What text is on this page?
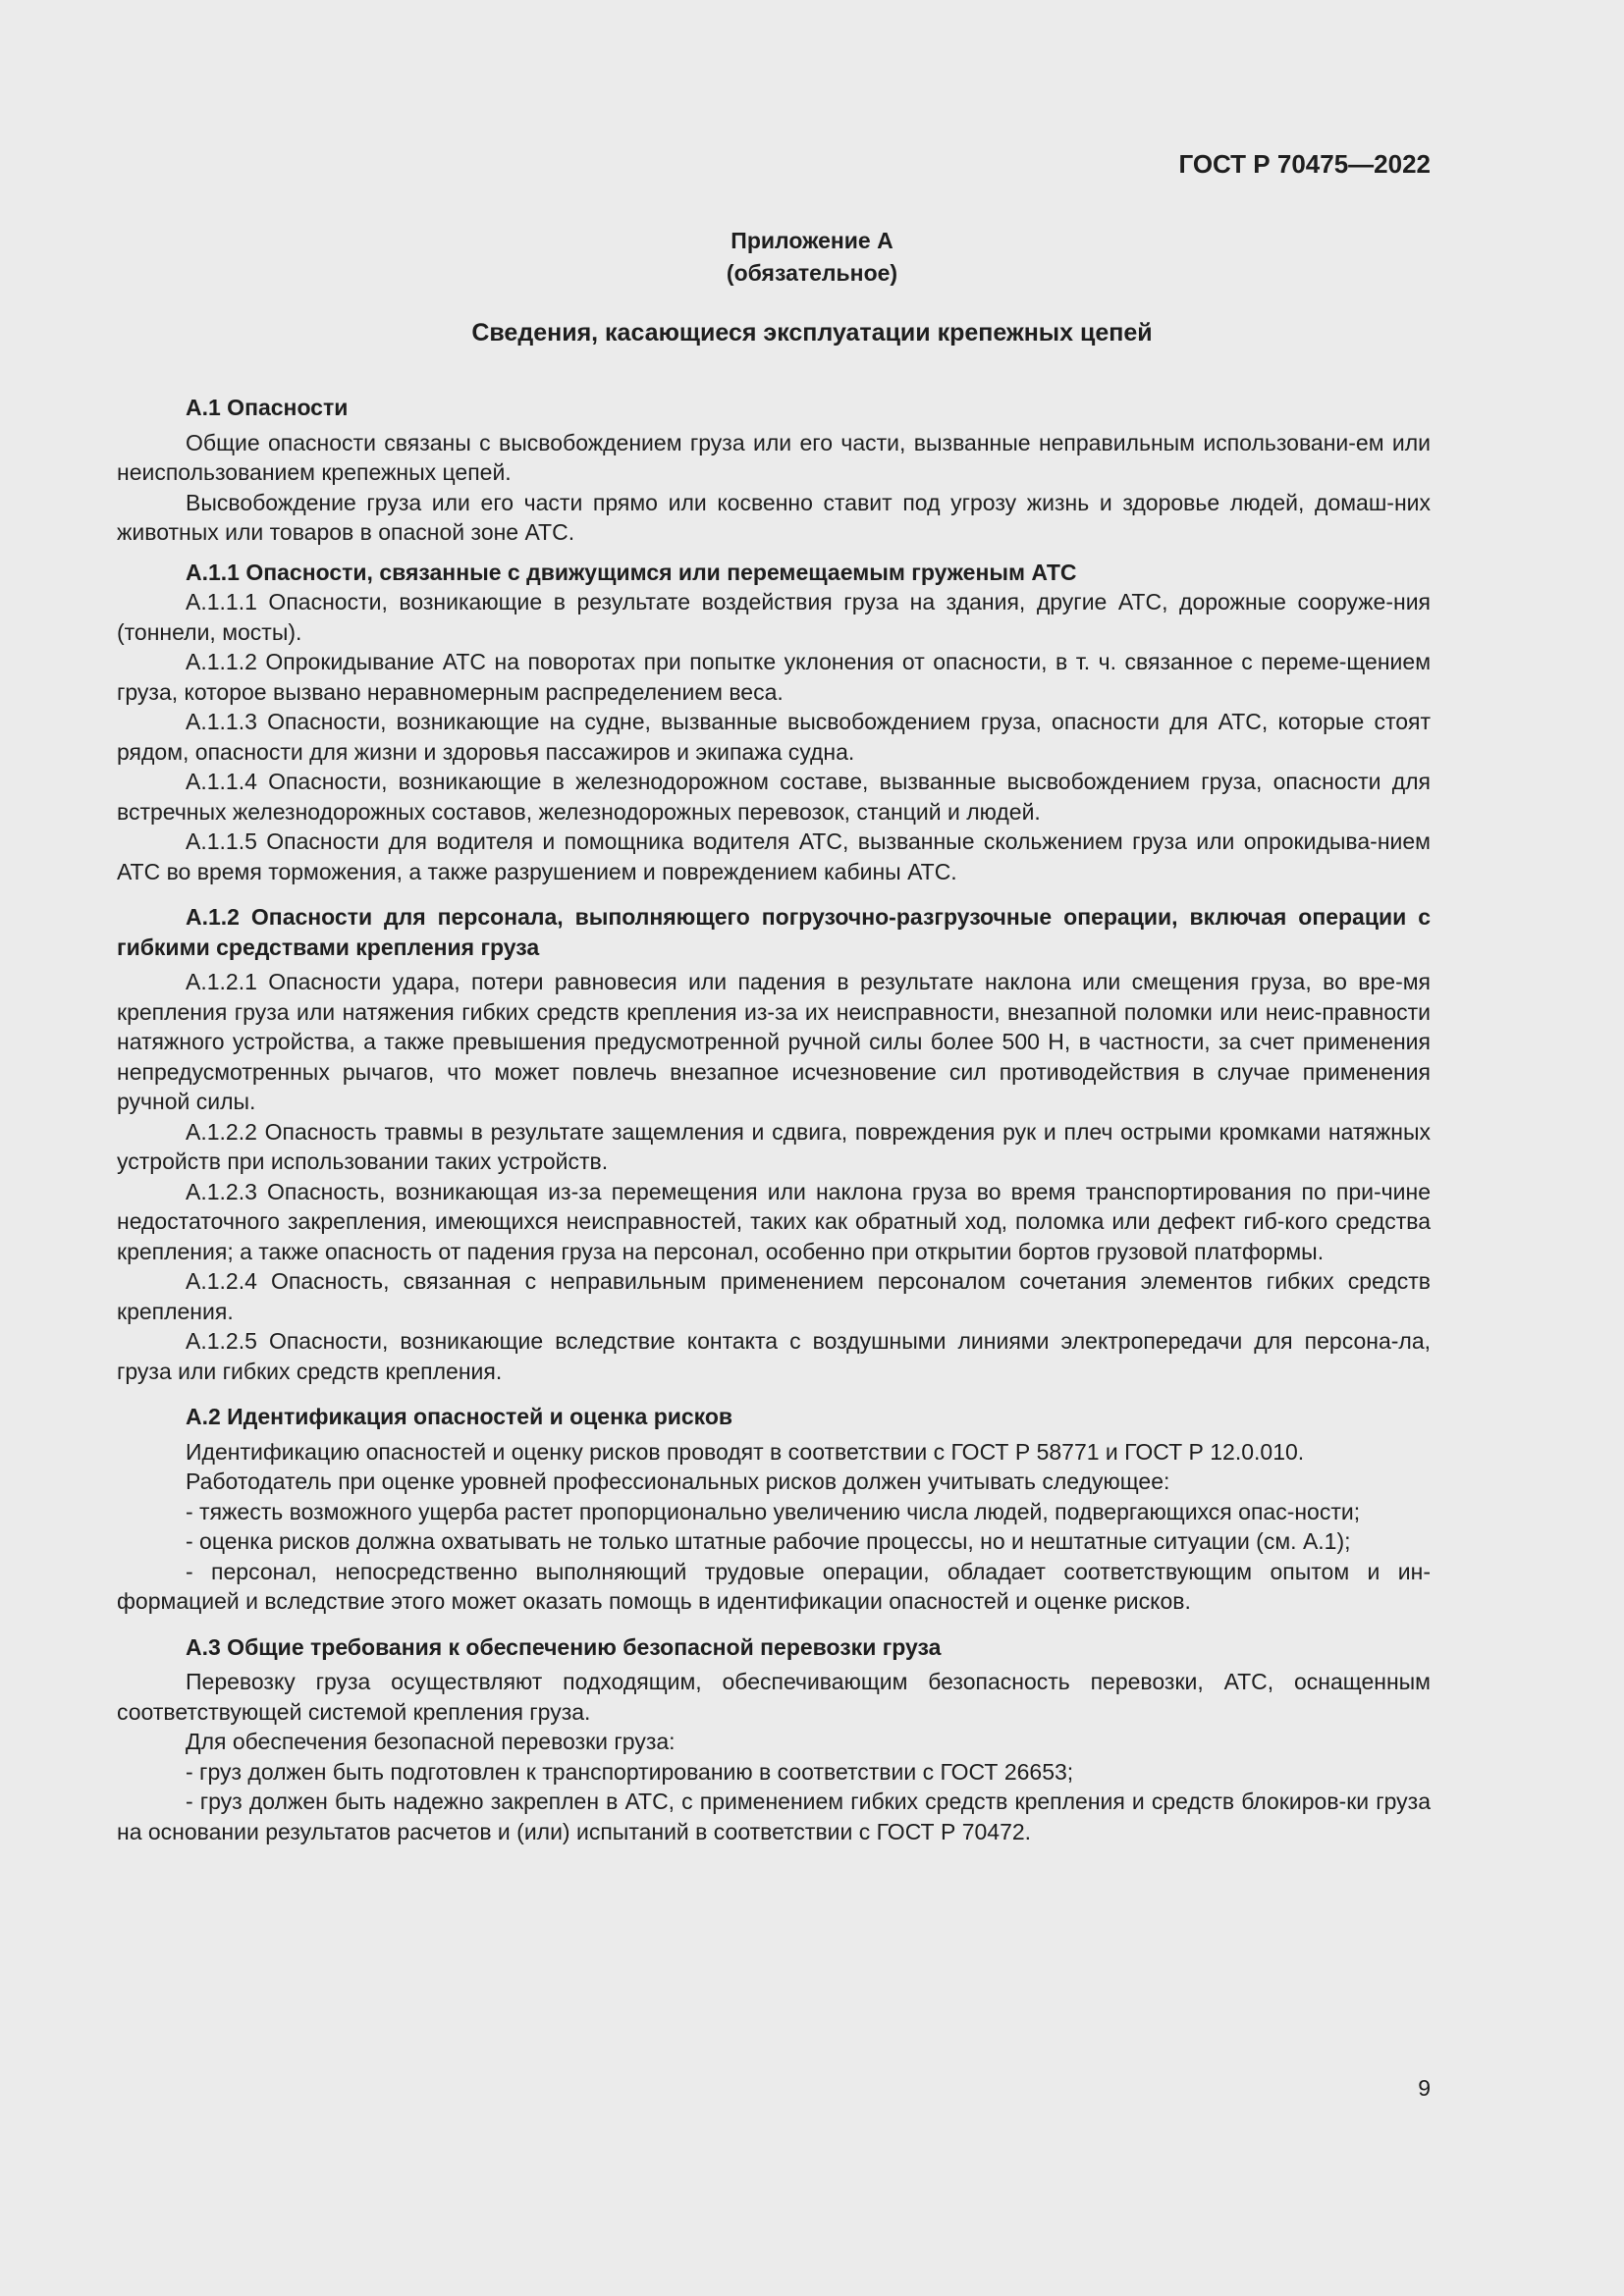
ГОСТ Р 70475—2022
Приложение А
(обязательное)
Сведения, касающиеся эксплуатации крепежных цепей

А.1 Опасности

Общие опасности связаны с высвобождением груза или его части, вызванные неправильным использовани-ем или неиспользованием крепежных цепей.

Высвобождение груза или его части прямо или косвенно ставит под угрозу жизнь и здоровье людей, домаш-них животных или товаров в опасной зоне АТС.

А.1.1 Опасности, связанные с движущимся или перемещаемым груженым АТС

А.1.1.1 Опасности, возникающие в результате воздействия груза на здания, другие АТС, дорожные сооруже-ния (тоннели, мосты).

А.1.1.2 Опрокидывание АТС на поворотах при попытке уклонения от опасности, в т. ч. связанное с переме-щением груза, которое вызвано неравномерным распределением веса.

А.1.1.3 Опасности, возникающие на судне, вызванные высвобождением груза, опасности для АТС, которые стоят рядом, опасности для жизни и здоровья пассажиров и экипажа судна.

А.1.1.4 Опасности, возникающие в железнодорожном составе, вызванные высвобождением груза, опасности для встречных железнодорожных составов, железнодорожных перевозок, станций и людей.

А.1.1.5 Опасности для водителя и помощника водителя АТС, вызванные скольжением груза или опрокидыва-нием АТС во время торможения, а также разрушением и повреждением кабины АТС.

А.1.2 Опасности для персонала, выполняющего погрузочно-разгрузочные операции, включая операции с гибкими средствами крепления груза

А.1.2.1 Опасности удара, потери равновесия или падения в результате наклона или смещения груза, во вре-мя крепления груза или натяжения гибких средств крепления из-за их неисправности, внезапной поломки или неис-правности натяжного устройства, а также превышения предусмотренной ручной силы более 500 Н, в частности, за счет применения непредусмотренных рычагов, что может повлечь внезапное исчезновение сил противодействия в случае применения ручной силы.

А.1.2.2 Опасность травмы в результате защемления и сдвига, повреждения рук и плеч острыми кромками натяжных устройств при использовании таких устройств.

А.1.2.3 Опасность, возникающая из-за перемещения или наклона груза во время транспортирования по при-чине недостаточного закрепления, имеющихся неисправностей, таких как обратный ход, поломка или дефект гиб-кого средства крепления; а также опасность от падения груза на персонал, особенно при открытии бортов грузовой платформы.

А.1.2.4 Опасность, связанная с неправильным применением персоналом сочетания элементов гибких средств крепления.

А.1.2.5 Опасности, возникающие вследствие контакта с воздушными линиями электропередачи для персона-ла, груза или гибких средств крепления.

А.2 Идентификация опасностей и оценка рисков

Идентификацию опасностей и оценку рисков проводят в соответствии с ГОСТ Р 58771 и ГОСТ Р 12.0.010.

Работодатель при оценке уровней профессиональных рисков должен учитывать следующее:

- тяжесть возможного ущерба растет пропорционально увеличению числа людей, подвергающихся опас-ности;

- оценка рисков должна охватывать не только штатные рабочие процессы, но и нештатные ситуации (см. А.1);

- персонал, непосредственно выполняющий трудовые операции, обладает соответствующим опытом и ин-формацией и вследствие этого может оказать помощь в идентификации опасностей и оценке рисков.

А.3 Общие требования к обеспечению безопасной перевозки груза

Перевозку груза осуществляют подходящим, обеспечивающим безопасность перевозки, АТС, оснащенным соответствующей системой крепления груза.

Для обеспечения безопасной перевозки груза:

- груз должен быть подготовлен к транспортированию в соответствии с ГОСТ 26653;

- груз должен быть надежно закреплен в АТС, с применением гибких средств крепления и средств блокиров-ки груза на основании результатов расчетов и (или) испытаний в соответствии с ГОСТ Р 70472.

9
